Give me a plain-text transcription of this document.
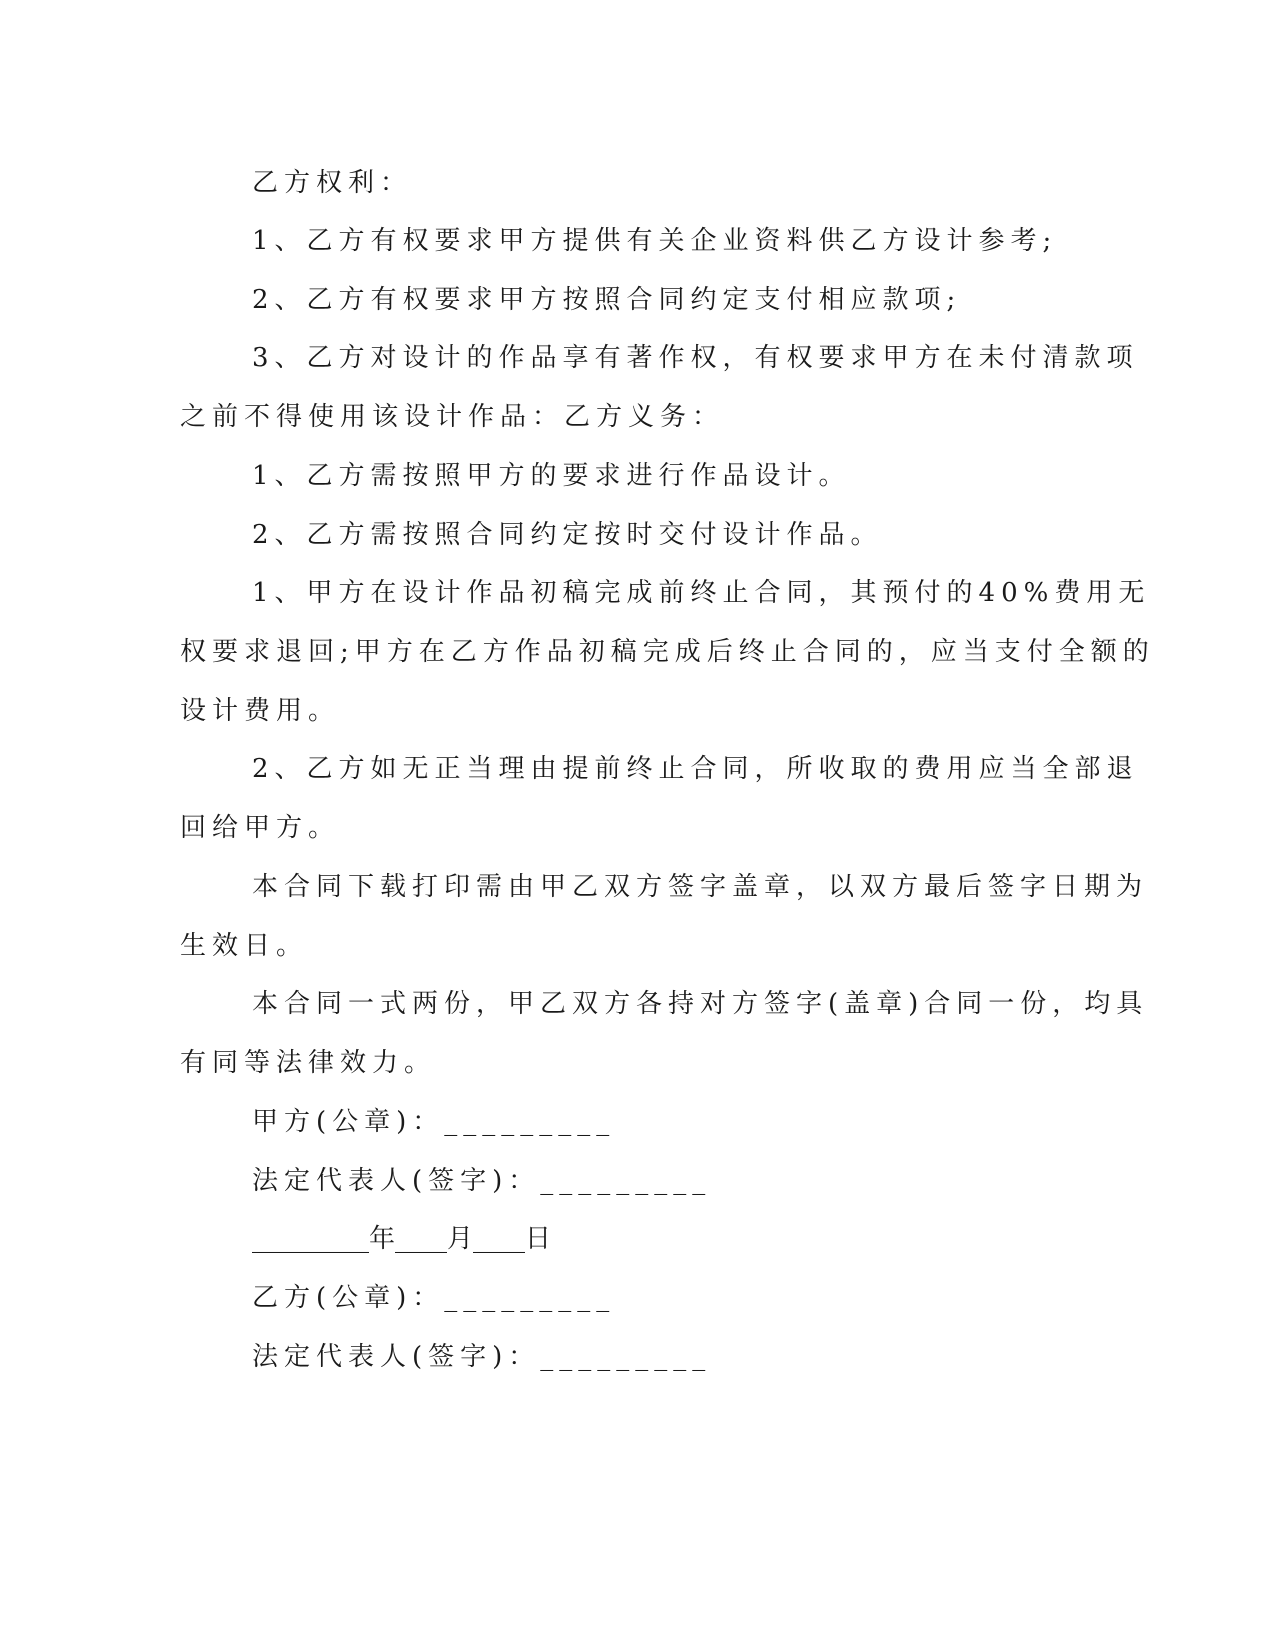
乙方权利：
1、乙方有权要求甲方提供有关企业资料供乙方设计参考;
2、乙方有权要求甲方按照合同约定支付相应款项;
3、乙方对设计的作品享有著作权，有权要求甲方在未付清款项
之前不得使用该设计作品：乙方义务：
1、乙方需按照甲方的要求进行作品设计。
2、乙方需按照合同约定按时交付设计作品。
1、甲方在设计作品初稿完成前终止合同，其预付的40%费用无
权要求退回;甲方在乙方作品初稿完成后终止合同的，应当支付全额的
设计费用。
2、乙方如无正当理由提前终止合同，所收取的费用应当全部退
回给甲方。
本合同下载打印需由甲乙双方签字盖章，以双方最后签字日期为
生效日。
本合同一式两份，甲乙双方各持对方签字(盖章)合同一份，均具
有同等法律效力。
甲方(公章)：_________
法定代表人(签字)：_________
_________年____月____日
乙方(公章)：_________
法定代表人(签字)：_________
